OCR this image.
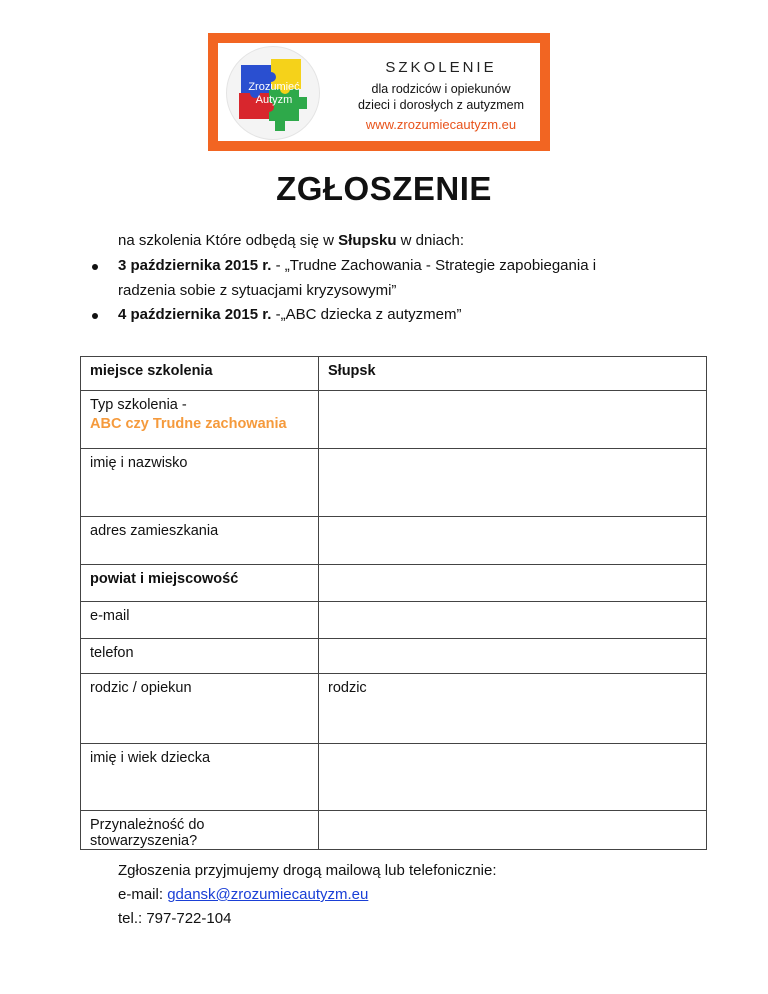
Zrozumieć
Autyzm
SZKOLENIE
dla rodziców i opiekunów
dzieci i dorosłych z autyzmem
www.zrozumiecautyzm.eu
ZGŁOSZENIE
na szkolenia Które odbędą się w Słupsku w dniach:
3 października 2015 r. - „Trudne Zachowania - Strategie zapobiegania i
radzenia sobie z sytuacjami kryzysowymi”
4 października 2015 r. -„ABC dziecka z autyzmem”
miejsce szkolenia	Słupsk

Typ szkolenia -
ABC czy Trudne zachowania	

imię i nazwisko	
adres zamieszkania	
powiat i miejscowość	
e-mail	
telefon	
rodzic / opiekun	rodzic
imię i wiek dziecka	
Przynależność do stowarzyszenia?	
Zgłoszenia przyjmujemy drogą mailową lub telefonicznie:
e-mail: gdansk@zrozumiecautyzm.eu
tel.: 797-722-104
